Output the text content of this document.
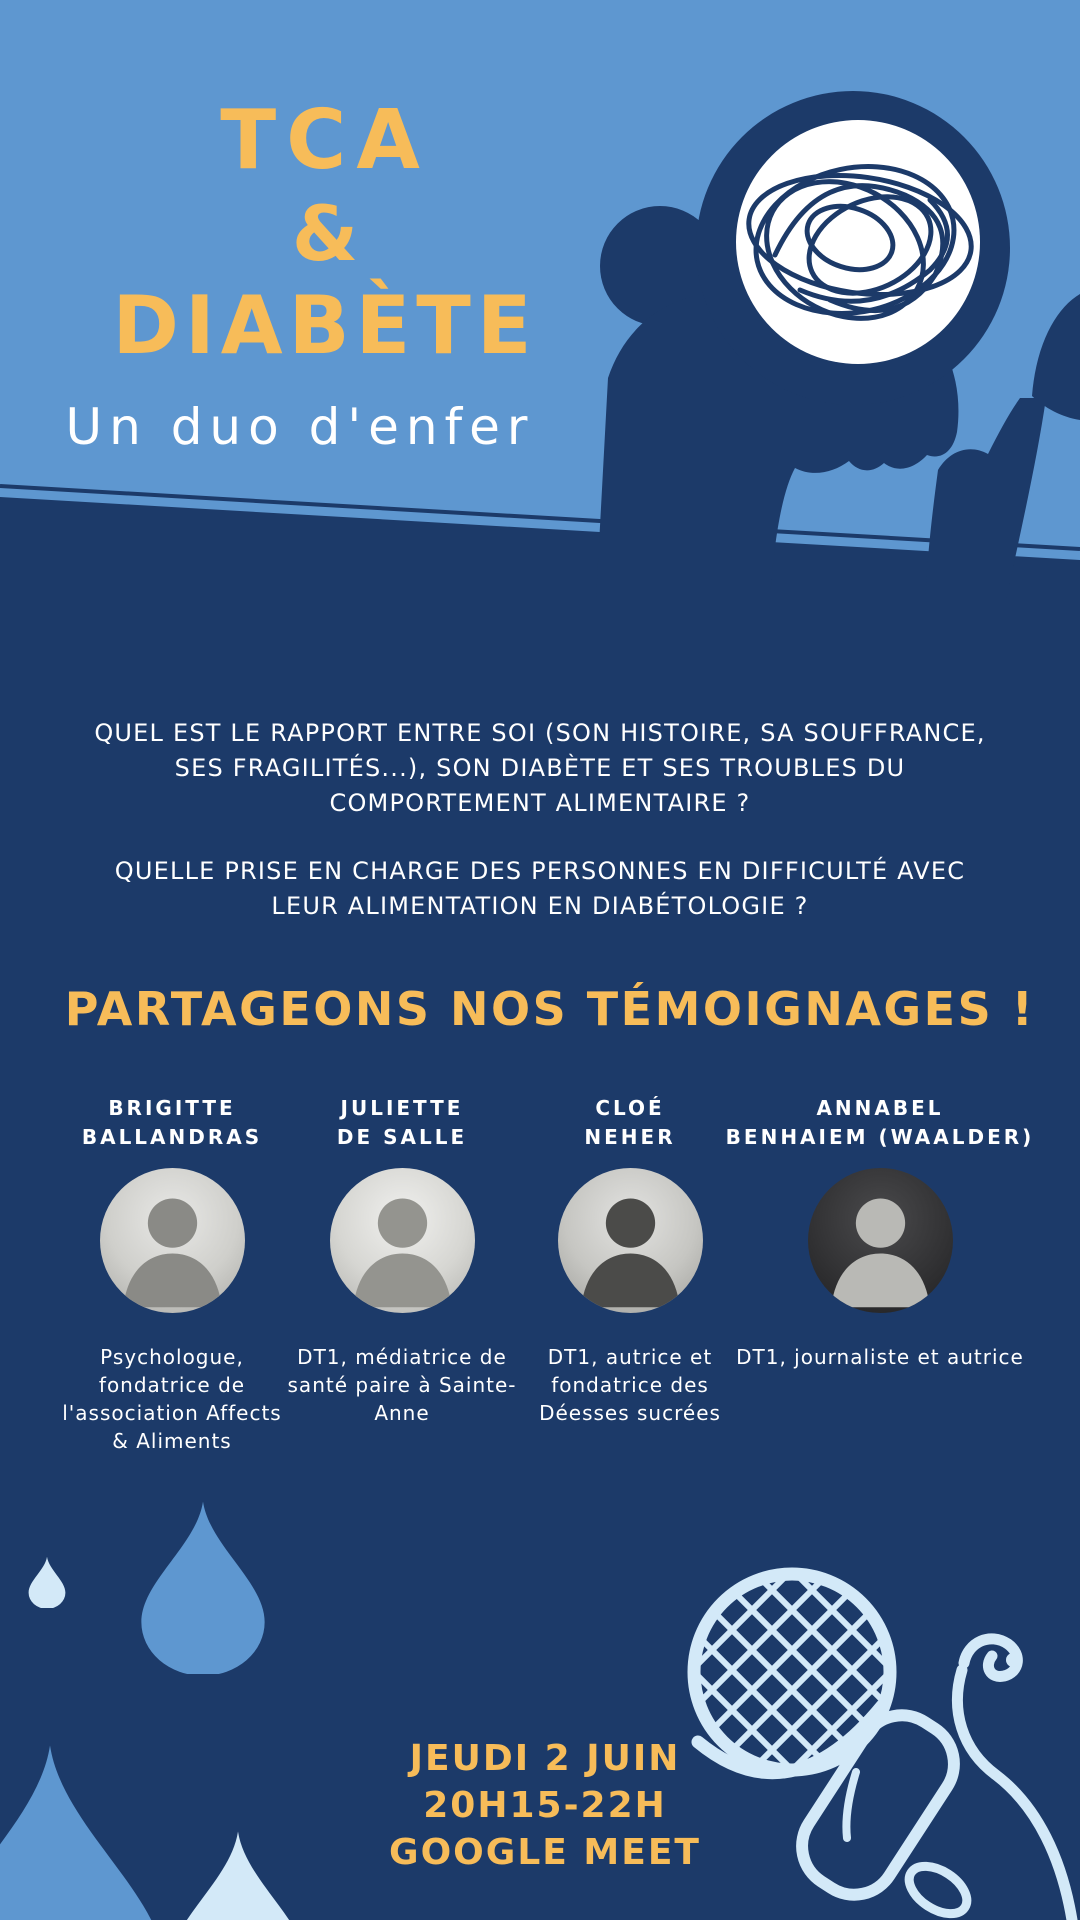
TCA
&
DIABÈTE
Un duo d'enfer

QUEL EST LE RAPPORT ENTRE SOI (SON HISTOIRE, SA SOUFFRANCE, SES FRAGILITÉS...), SON DIABÈTE ET SES TROUBLES DU COMPORTEMENT ALIMENTAIRE ?

QUELLE PRISE EN CHARGE DES PERSONNES EN DIFFICULTÉ AVEC LEUR ALIMENTATION EN DIABÉTOLOGIE ?

PARTAGEONS NOS TÉMOIGNAGES !
BRIGITTE
BALLANDRAS
Psychologue, fondatrice de l'association Affects & Aliments
JULIETTE
DE SALLE
DT1, médiatrice de santé paire à Sainte-Anne
CLOÉ
NEHER
DT1, autrice et fondatrice des Déesses sucrées
ANNABEL
BENHAIEM (WAALDER)
DT1, journaliste et autrice
JEUDI 2 JUIN
20H15-22H
GOOGLE MEET
